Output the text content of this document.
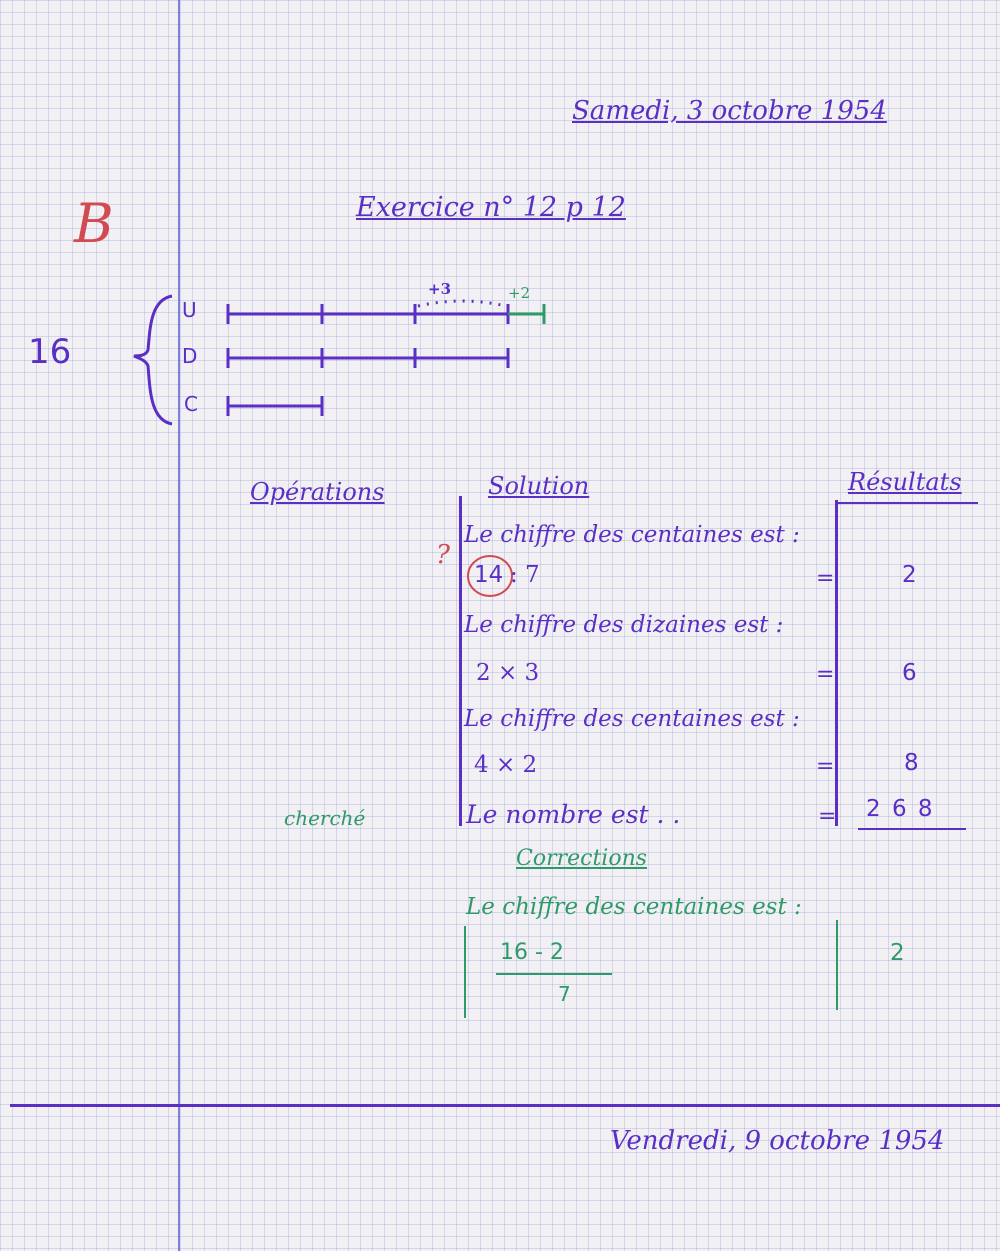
Samedi, 3 octobre 1954
Exercice n° 12 p 12
B
16
U
D
C
+3	+2
Opérations	Solution	Résultats
Le chiffre des centaines est :
?
14 : 7	=	2
Le chiffre des dizaines est :
2 × 3	=	6
Le chiffre des centaines est :
4 × 2	=	8
cherché	Le nombre est . .	= 2 6 8
Corrections
Le chiffre des centaines est :
16 - 2
7
2
Vendredi, 9 octobre 1954
